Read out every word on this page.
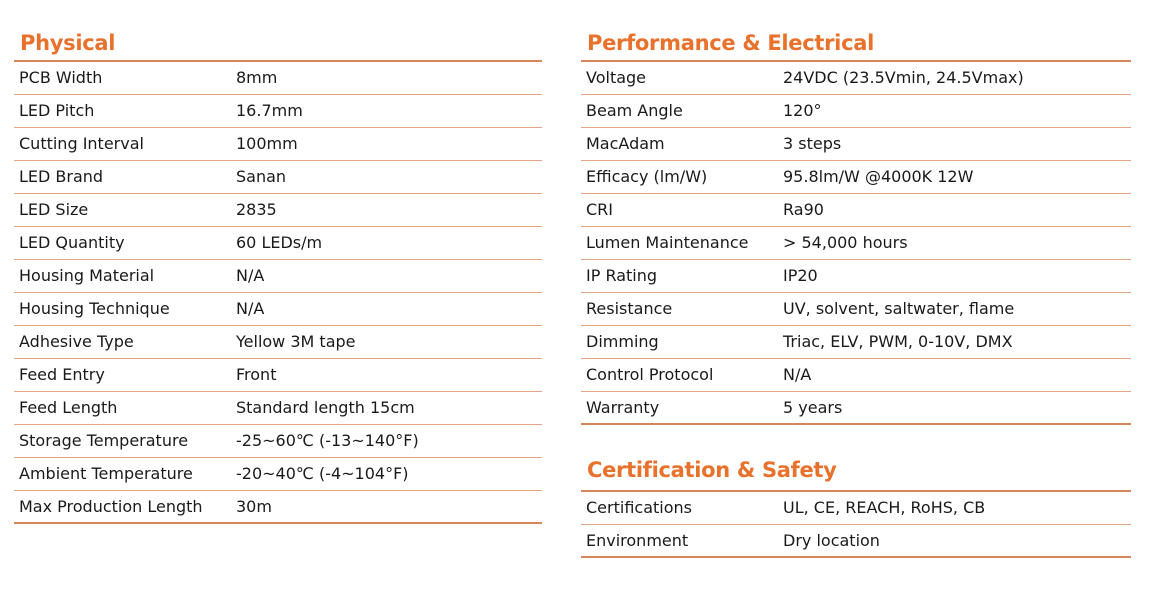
Physical
PCB Width	8mm
LED Pitch	16.7mm
Cutting Interval	100mm
LED Brand	Sanan
LED Size	2835
LED Quantity	60 LEDs/m
Housing Material	N/A
Housing Technique	N/A
Adhesive Type	Yellow 3M tape
Feed Entry	Front
Feed Length	Standard length 15cm
Storage Temperature	-25~60℃ (-13~140°F)
Ambient Temperature	-20~40℃ (-4~104°F)
Max Production Length 30m
Performance & Electrical
Voltage	24VDC (23.5Vmin, 24.5Vmax)
Beam Angle	120°
MacAdam	3 steps
Efficacy (lm/W)	95.8lm/W @4000K 12W
CRI	Ra90
Lumen Maintenance > 54,000 hours
IP Rating	IP20
Resistance	UV, solvent, saltwater, flame
Dimming	Triac, ELV, PWM, 0-10V, DMX
Control Protocol	N/A
Warranty	5 years
Certification & Safety
Certifications	UL, CE, REACH, RoHS, CB
Environment	Dry location
